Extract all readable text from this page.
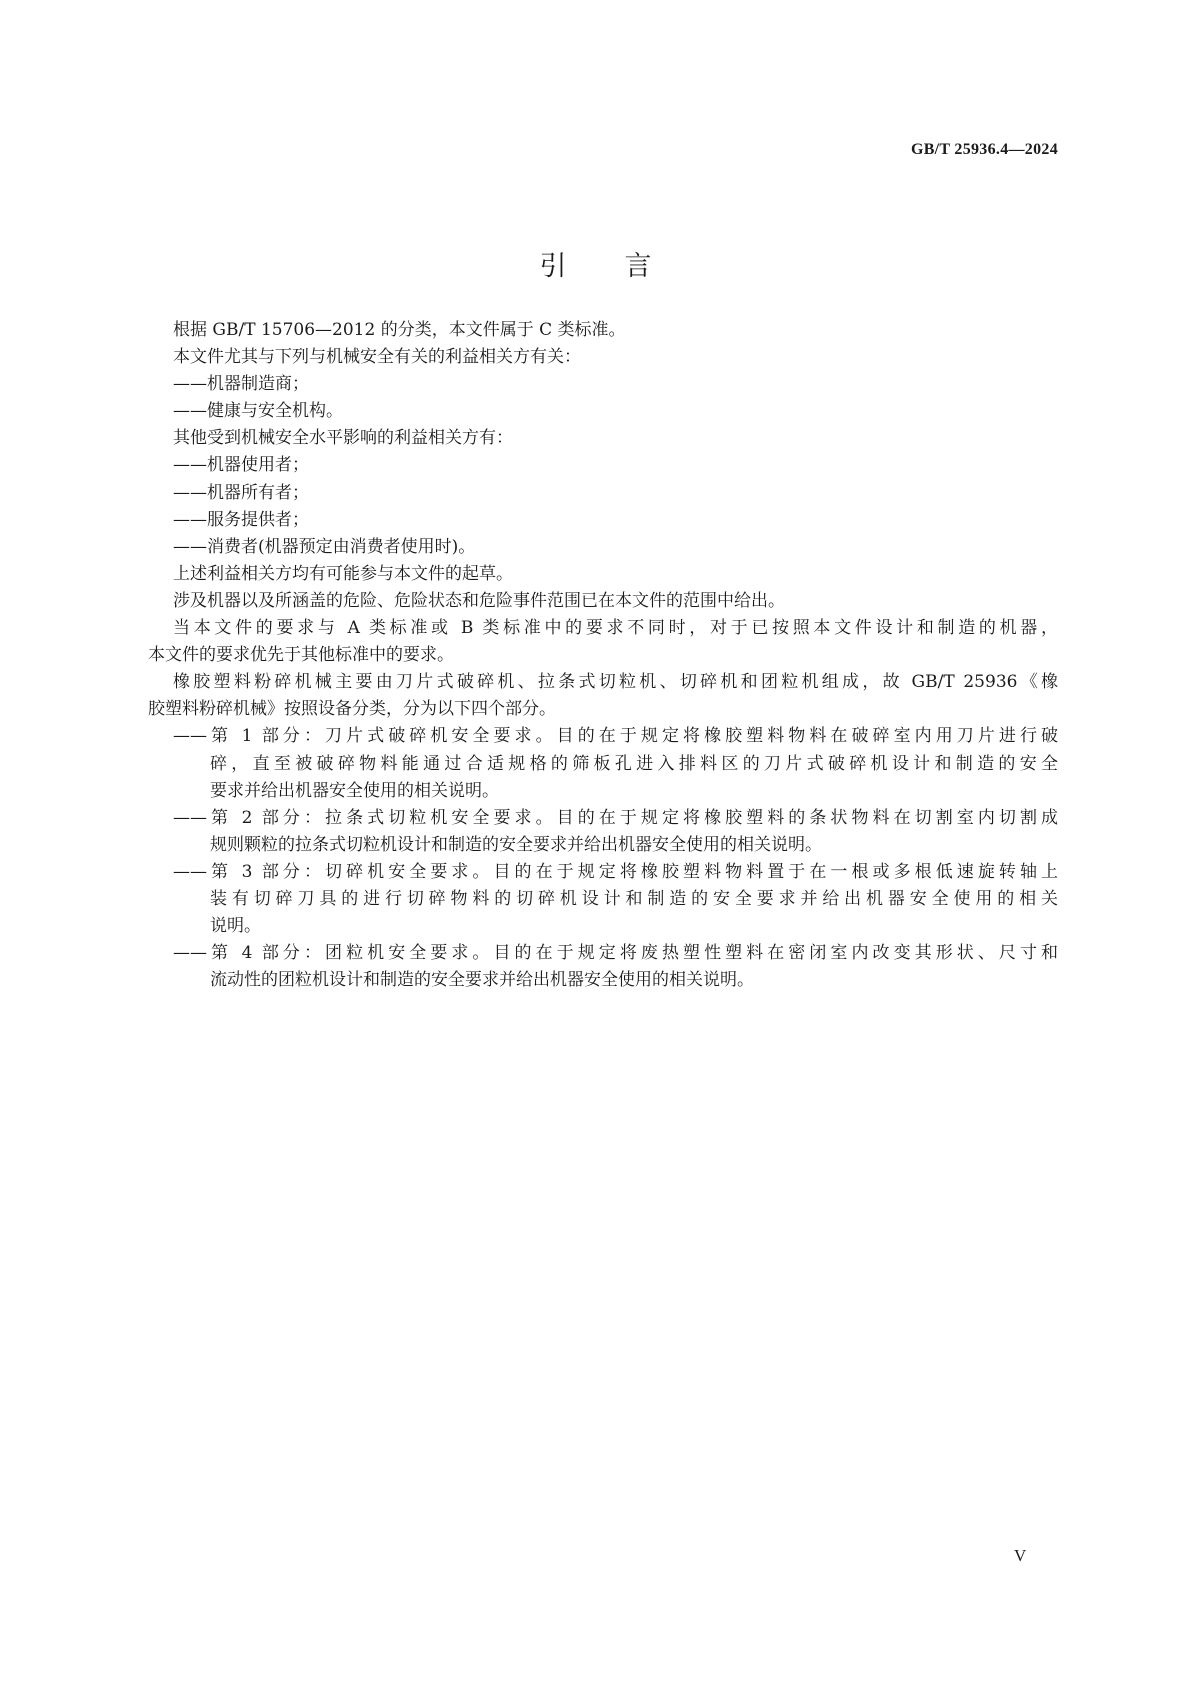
GB/T 25936.4—2024
引言
根据 GB/T 15706—2012 的分类，本文件属于 C 类标准。
本文件尤其与下列与机械安全有关的利益相关方有关：
——机器制造商；
——健康与安全机构。
其他受到机械安全水平影响的利益相关方有：
——机器使用者；
——机器所有者；
——服务提供者；
——消费者(机器预定由消费者使用时)。
上述利益相关方均有可能参与本文件的起草。
涉及机器以及所涵盖的危险、危险状态和危险事件范围已在本文件的范围中给出。
当本文件的要求与 A 类标准或 B 类标准中的要求不同时，对于已按照本文件设计和制造的机器，
本文件的要求优先于其他标准中的要求。
橡胶塑料粉碎机械主要由刀片式破碎机、拉条式切粒机、切碎机和团粒机组成，故 GB/T 25936《橡
胶塑料粉碎机械》按照设备分类，分为以下四个部分。
——第 1 部分：刀片式破碎机安全要求。目的在于规定将橡胶塑料物料在破碎室内用刀片进行破
碎，直至被破碎物料能通过合适规格的筛板孔进入排料区的刀片式破碎机设计和制造的安全
要求并给出机器安全使用的相关说明。
——第 2 部分：拉条式切粒机安全要求。目的在于规定将橡胶塑料的条状物料在切割室内切割成
规则颗粒的拉条式切粒机设计和制造的安全要求并给出机器安全使用的相关说明。
——第 3 部分：切碎机安全要求。目的在于规定将橡胶塑料物料置于在一根或多根低速旋转轴上
装有切碎刀具的进行切碎物料的切碎机设计和制造的安全要求并给出机器安全使用的相关
说明。
——第 4 部分：团粒机安全要求。目的在于规定将废热塑性塑料在密闭室内改变其形状、尺寸和
流动性的团粒机设计和制造的安全要求并给出机器安全使用的相关说明。
V
